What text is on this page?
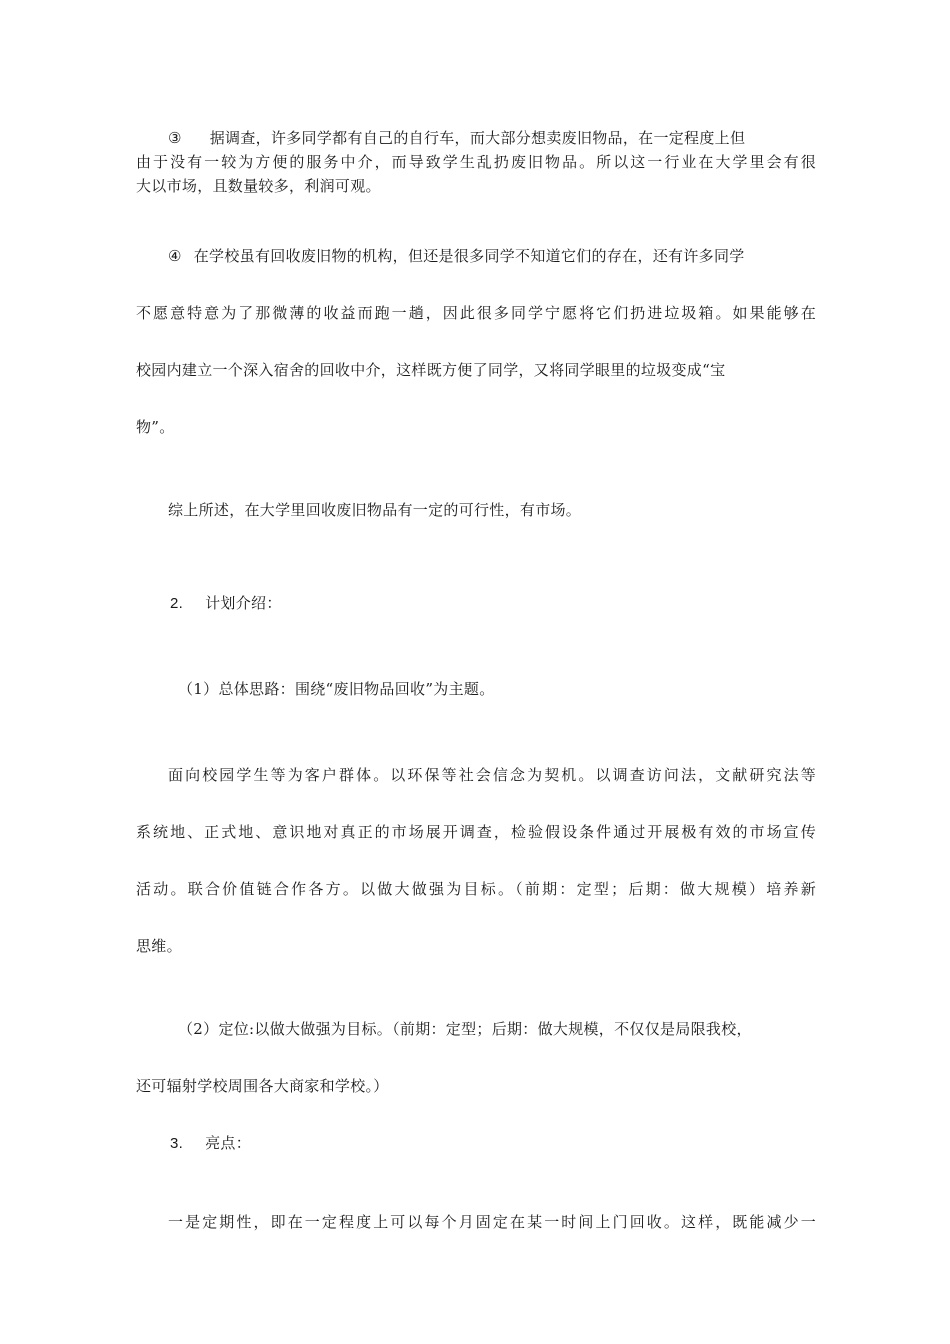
③ 据调查，许多同学都有自己的自行车，而大部分想卖废旧物品，在一定程度上但
由于没有一较为方便的服务中介，而导致学生乱扔废旧物品。所以这一行业在大学里会有很
大以市场，且数量较多，利润可观。
④ 在学校虽有回收废旧物的机构，但还是很多同学不知道它们的存在，还有许多同学
不愿意特意为了那微薄的收益而跑一趟，因此很多同学宁愿将它们扔进垃圾箱。如果能够在
校园内建立一个深入宿舍的回收中介，这样既方便了同学，又将同学眼里的垃圾变成“宝
物”。
综上所述，在大学里回收废旧物品有一定的可行性，有市场。
2. 计划介绍：
（1）总体思路：围绕“废旧物品回收”为主题。
面向校园学生等为客户群体。以环保等社会信念为契机。以调查访问法，文献研究法等
系统地、正式地、意识地对真正的市场展开调查，检验假设条件通过开展极有效的市场宣传
活动。联合价值链合作各方。以做大做强为目标。（前期：定型；后期：做大规模）培养新
思维。
（2）定位:以做大做强为目标。（前期：定型；后期：做大规模，不仅仅是局限我校，
还可辐射学校周围各大商家和学校。）
3. 亮点：
一是定期性，即在一定程度上可以每个月固定在某一时间上门回收。这样，既能减少一
